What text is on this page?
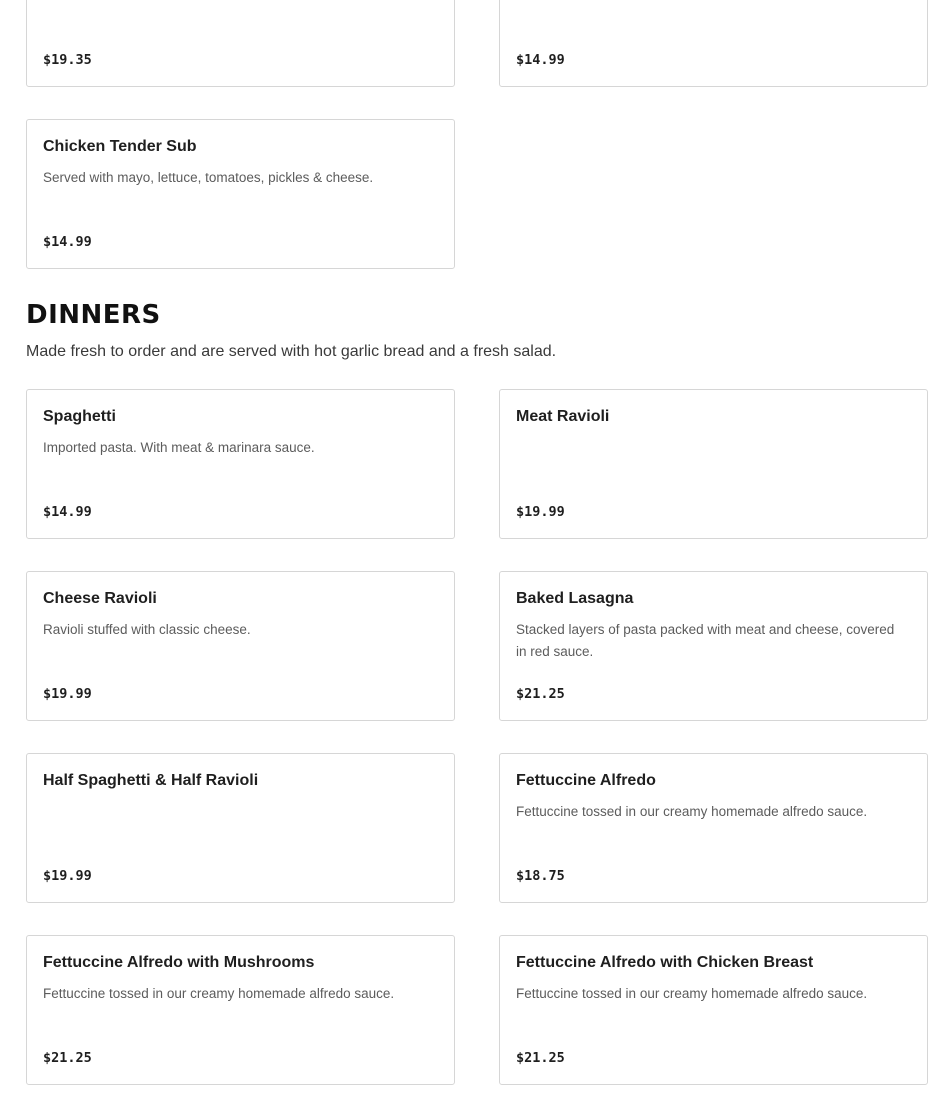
$19.35	$14.99
Chicken Tender Sub
Served with mayo, lettuce, tomatoes, pickles & cheese.
$14.99
DINNERS

Made fresh to order and are served with hot garlic bread and a fresh salad.

Spaghetti
Imported pasta. With meat & marinara sauce.
$14.99
Meat Ravioli
$19.99
Cheese Ravioli
Ravioli stuffed with classic cheese.
$19.99
Baked Lasagna
Stacked layers of pasta packed with meat and cheese, covered in red sauce.
$21.25
Half Spaghetti & Half Ravioli
$19.99
Fettuccine Alfredo
Fettuccine tossed in our creamy homemade alfredo sauce.
$18.75
Fettuccine Alfredo with Mushrooms
Fettuccine tossed in our creamy homemade alfredo sauce.
$21.25
Fettuccine Alfredo with Chicken Breast
Fettuccine tossed in our creamy homemade alfredo sauce.
$21.25
